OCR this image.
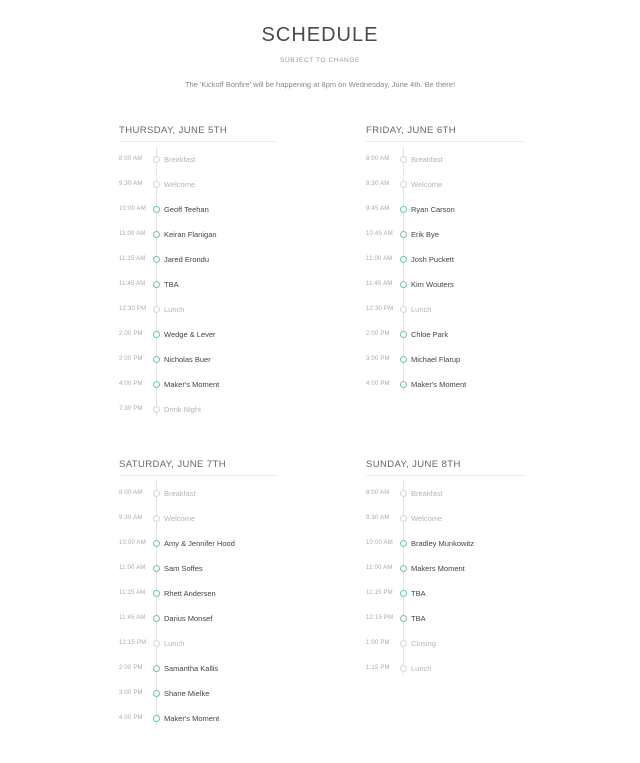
SCHEDULE
SUBJECT TO CHANGE
The 'Kickoff Bonfire' will be happening at 8pm on Wednesday, June 4th. Be there!
THURSDAY, JUNE 5TH
8:00 AM	Breakfast
9:30 AM	Welcome
10:00 AM	Geoff Teehan
11:00 AM	Keiran Flanigan
11:15 AM	Jared Erondu
11:45 AM	TBA
12:30 PM	Lunch
2:00 PM	Wedge & Lever
3:00 PM	Nicholas Buer
4:00 PM	Maker's Moment
7:30 PM	Drink Night
FRIDAY, JUNE 6TH
8:00 AM	Breakfast
9:30 AM	Welcome
9:45 AM	Ryan Carson
10:45 AM	Erik Bye
11:00 AM	Josh Puckett
11:45 AM	Kim Wouters
12:30 PM	Lunch
2:00 PM	Chloe Park
3:00 PM	Michael Flarup
4:00 PM	Maker's Moment
SATURDAY, JUNE 7TH
8:00 AM	Breakfast
9:30 AM	Welcome
10:00 AM	Amy & Jennifer Hood
11:00 AM	Sam Soffes
11:15 AM	Rhett Andersen
11:45 AM	Darius Monsef
12:15 PM	Lunch
2:00 PM	Samantha Kallis
3:00 PM	Shane Mielke
4:00 PM	Maker's Moment
SUNDAY, JUNE 8TH
8:00 AM	Breakfast
9:30 AM	Welcome
10:00 AM	Bradley Munkowitz
11:00 AM	Makers Moment
11:15 PM	TBA
12:15 PM	TBA
1:00 PM	Closing
1:15 PM	Lunch
